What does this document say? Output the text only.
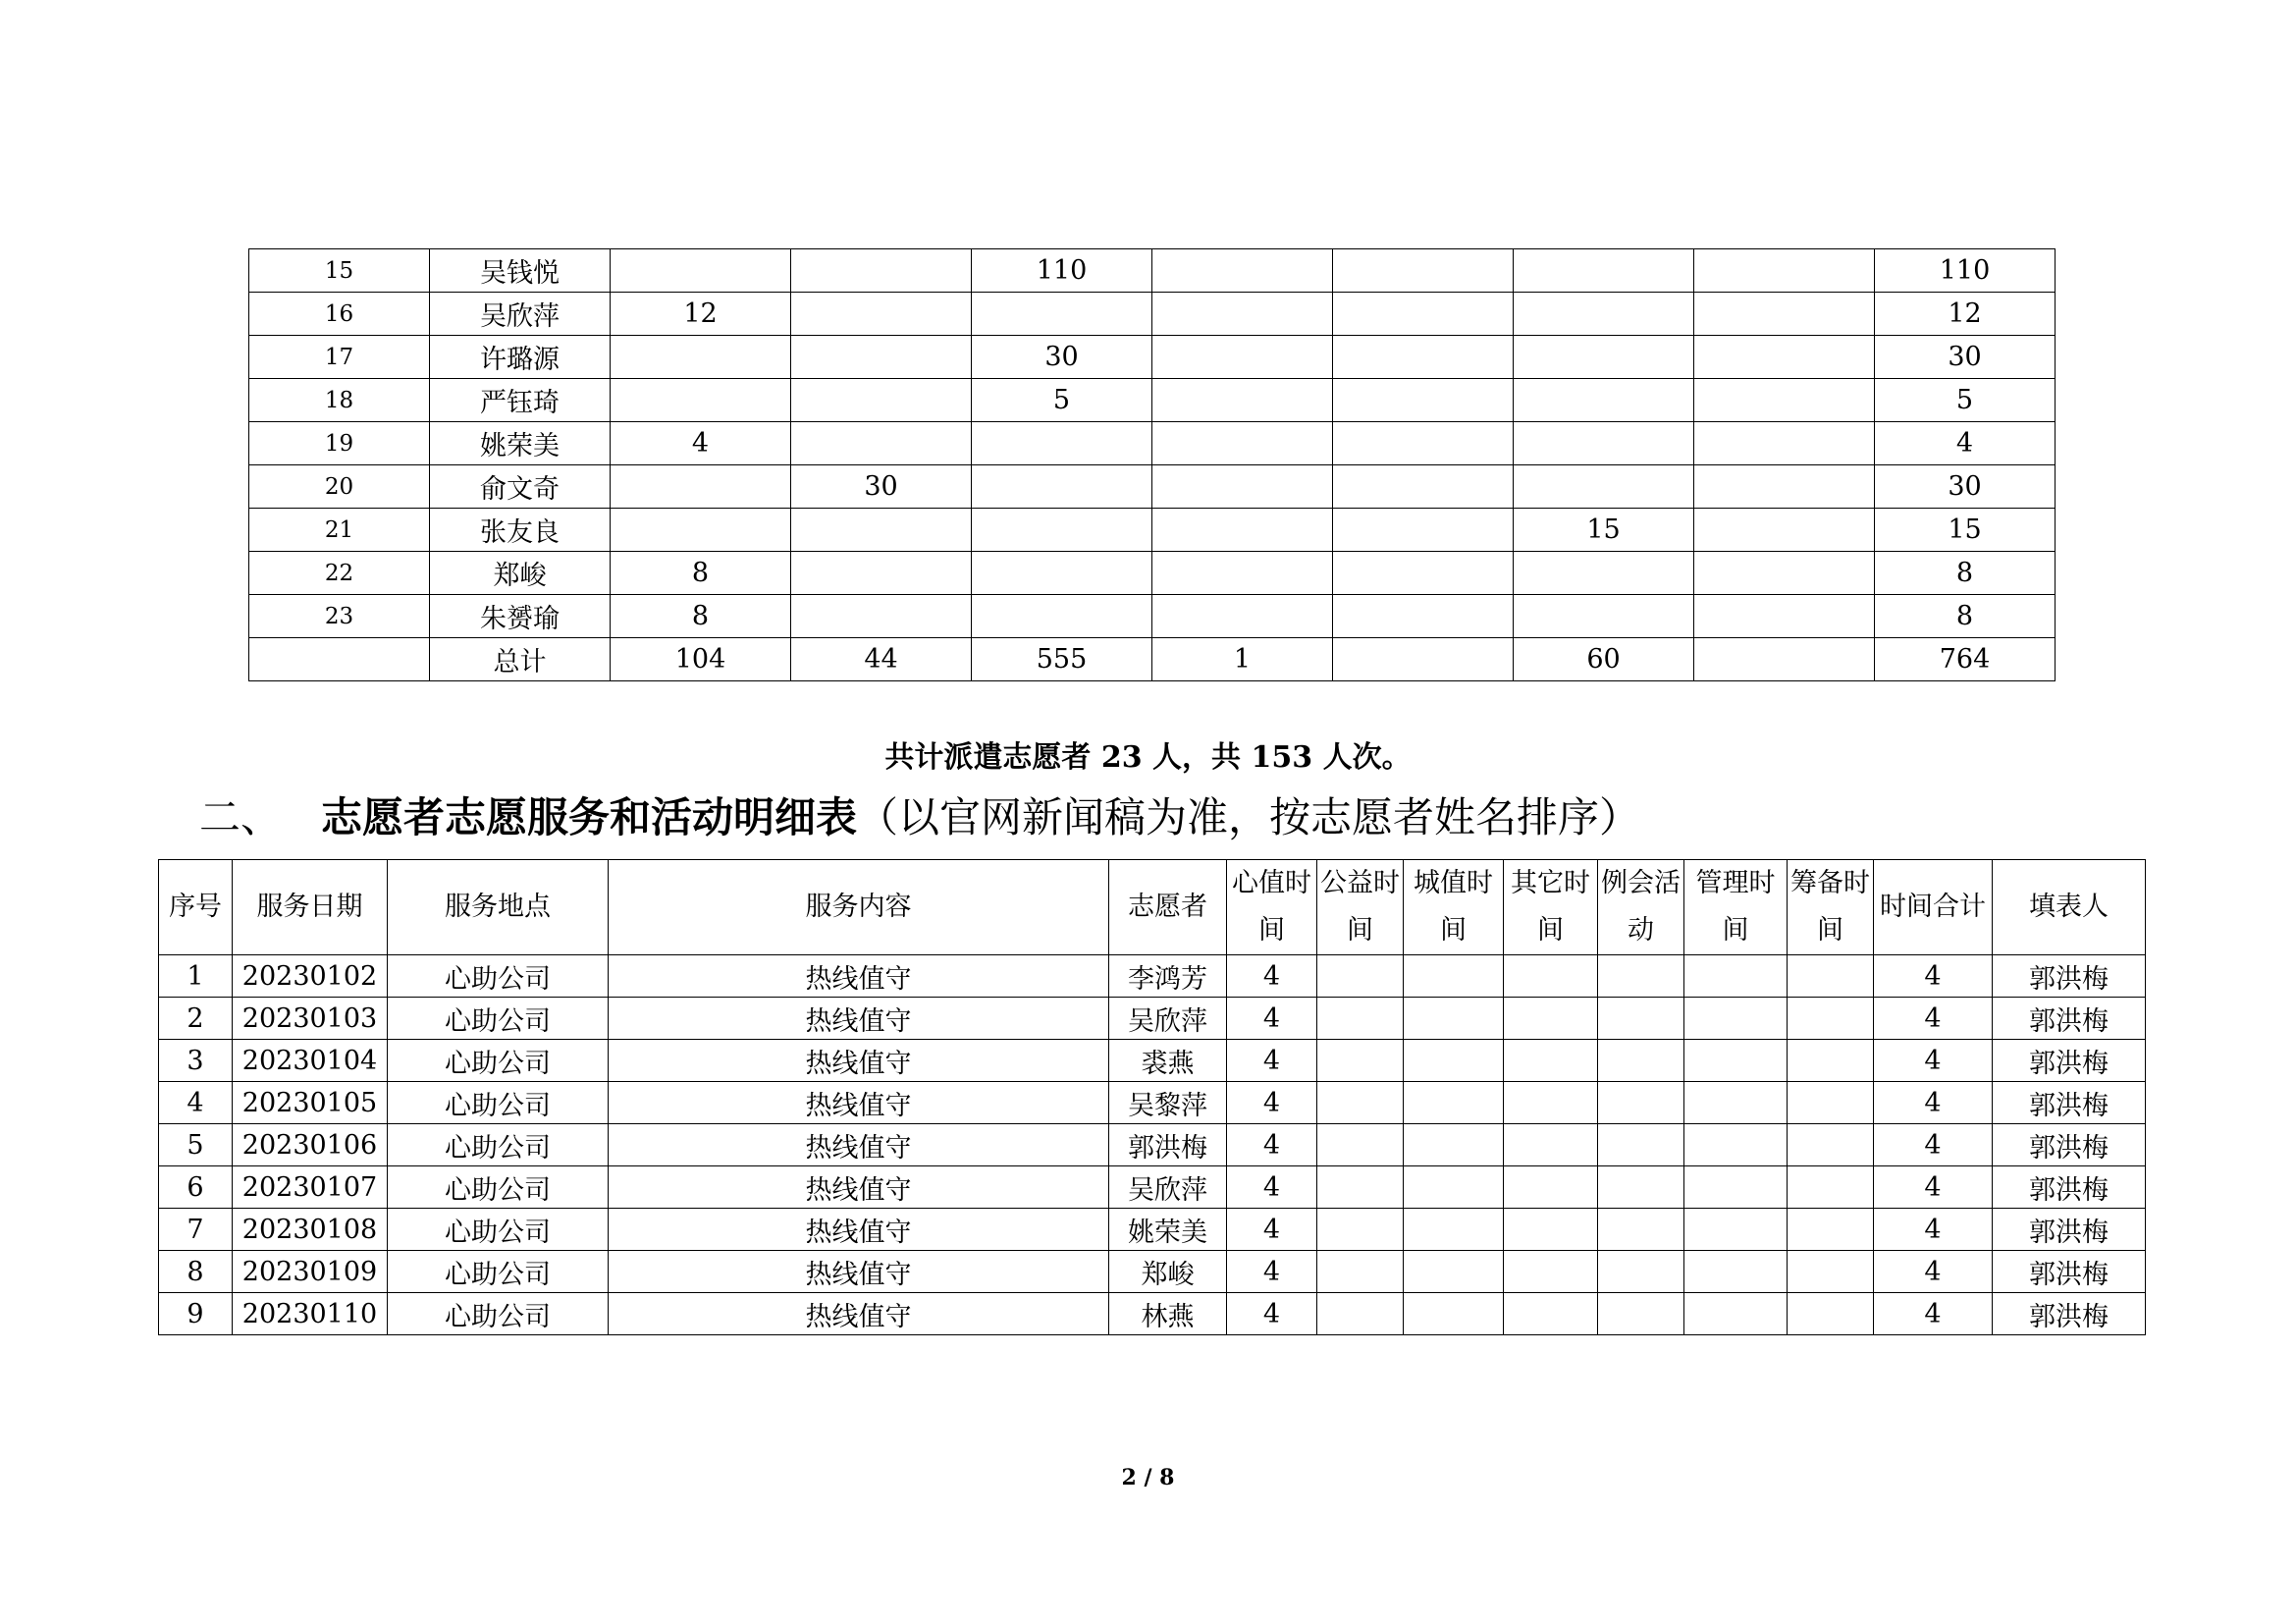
15	吴钱悦			110					110
16	吴欣萍	12							12
17	许璐源			30					30
18	严钰琦			5					5
19	姚荣美	4							4
20	俞文奇		30						30
21	张友良						15		15
22	郑峻	8							8
23	朱赟瑜	8							8
	总计	104	44	555	1		60		764
共计派遣志愿者 23 人，共 153 人次。
二、 志愿者志愿服务和活动明细表（以官网新闻稿为准，按志愿者姓名排序）
序号	服务日期	服务地点	服务内容	志愿者	心值时间	公益时间	城值时间	其它时间	例会活动	管理时间	筹备时间	时间合计	填表人
1	20230102	心助公司	热线值守	李鸿芳	4							4	郭洪梅
2	20230103	心助公司	热线值守	吴欣萍	4							4	郭洪梅
3	20230104	心助公司	热线值守	裘燕	4							4	郭洪梅
4	20230105	心助公司	热线值守	吴黎萍	4							4	郭洪梅
5	20230106	心助公司	热线值守	郭洪梅	4							4	郭洪梅
6	20230107	心助公司	热线值守	吴欣萍	4							4	郭洪梅
7	20230108	心助公司	热线值守	姚荣美	4							4	郭洪梅
8	20230109	心助公司	热线值守	郑峻	4							4	郭洪梅
9	20230110	心助公司	热线值守	林燕	4							4	郭洪梅
2 / 8
